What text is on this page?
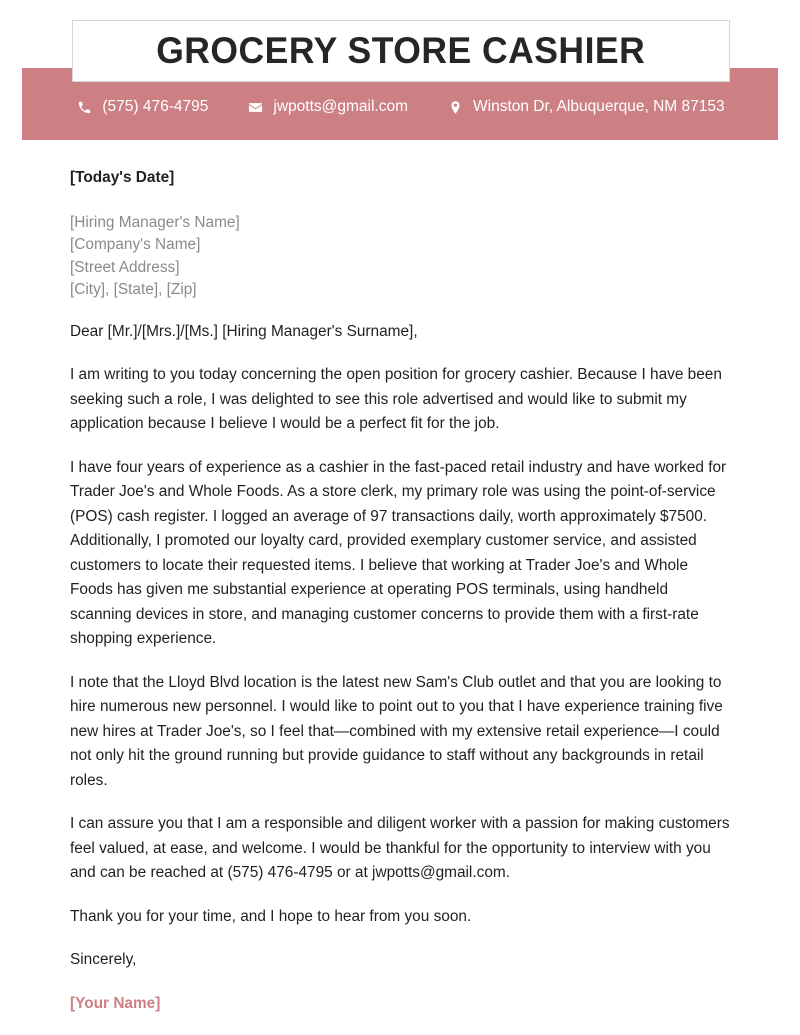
GROCERY STORE CASHIER
(575) 476-4795	jwpotts@gmail.com	Winston Dr, Albuquerque, NM 87153
[Today's Date]
[Hiring Manager's Name]
[Company's Name]
[Street Address]
[City], [State], [Zip]
Dear [Mr.]/[Mrs.]/[Ms.] [Hiring Manager's Surname],
I am writing to you today concerning the open position for grocery cashier. Because I have been seeking such a role, I was delighted to see this role advertised and would like to submit my application because I believe I would be a perfect fit for the job.
I have four years of experience as a cashier in the fast-paced retail industry and have worked for Trader Joe's and Whole Foods. As a store clerk, my primary role was using the point-of-service (POS) cash register. I logged an average of 97 transactions daily, worth approximately $7500. Additionally, I promoted our loyalty card, provided exemplary customer service, and assisted customers to locate their requested items. I believe that working at Trader Joe's and Whole Foods has given me substantial experience at operating POS terminals, using handheld scanning devices in store, and managing customer concerns to provide them with a first-rate shopping experience.
I note that the Lloyd Blvd location is the latest new Sam's Club outlet and that you are looking to hire numerous new personnel. I would like to point out to you that I have experience training five new hires at Trader Joe's, so I feel that—combined with my extensive retail experience—I could not only hit the ground running but provide guidance to staff without any backgrounds in retail roles.
I can assure you that I am a responsible and diligent worker with a passion for making customers feel valued, at ease, and welcome. I would be thankful for the opportunity to interview with you and can be reached at (575) 476-4795 or at jwpotts@gmail.com.
Thank you for your time, and I hope to hear from you soon.
Sincerely,
[Your Name]
